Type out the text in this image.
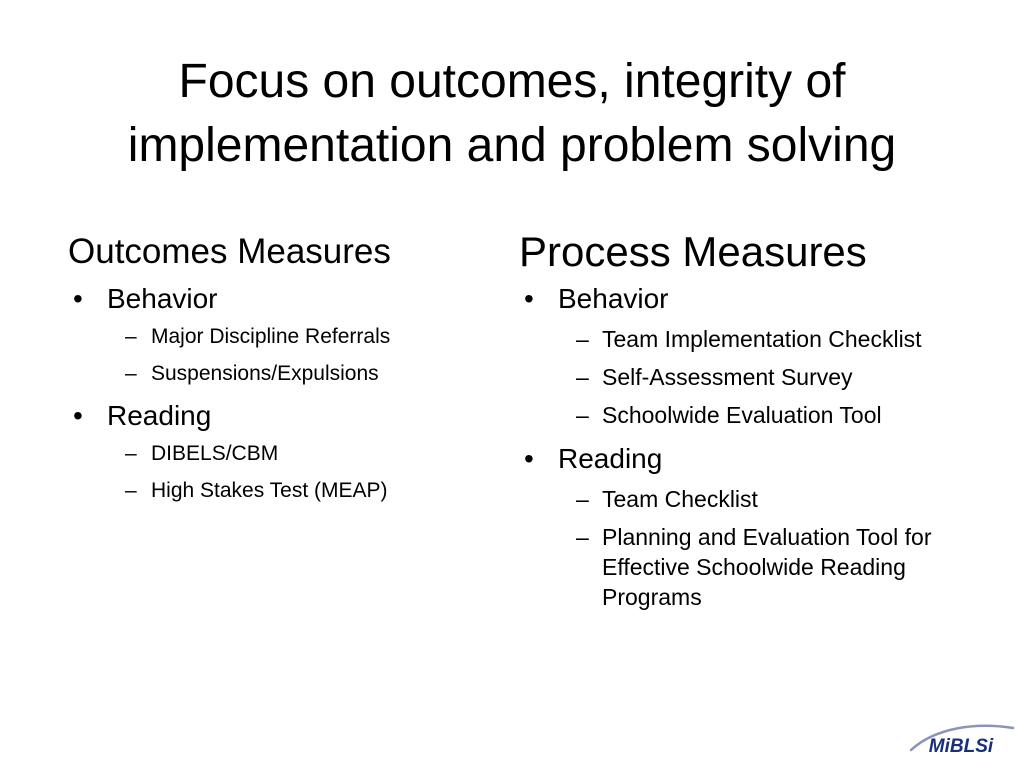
Focus on outcomes, integrity of
implementation and problem solving
Outcomes Measures
• Behavior
– Major Discipline Referrals
– Suspensions/Expulsions
• Reading
– DIBELS/CBM
– High Stakes Test (MEAP)
Process Measures
• Behavior
– Team Implementation Checklist
– Self-Assessment Survey
– Schoolwide Evaluation Tool
• Reading
– Team Checklist
– Planning and Evaluation Tool for Effective Schoolwide Reading Programs
MiBLSi
